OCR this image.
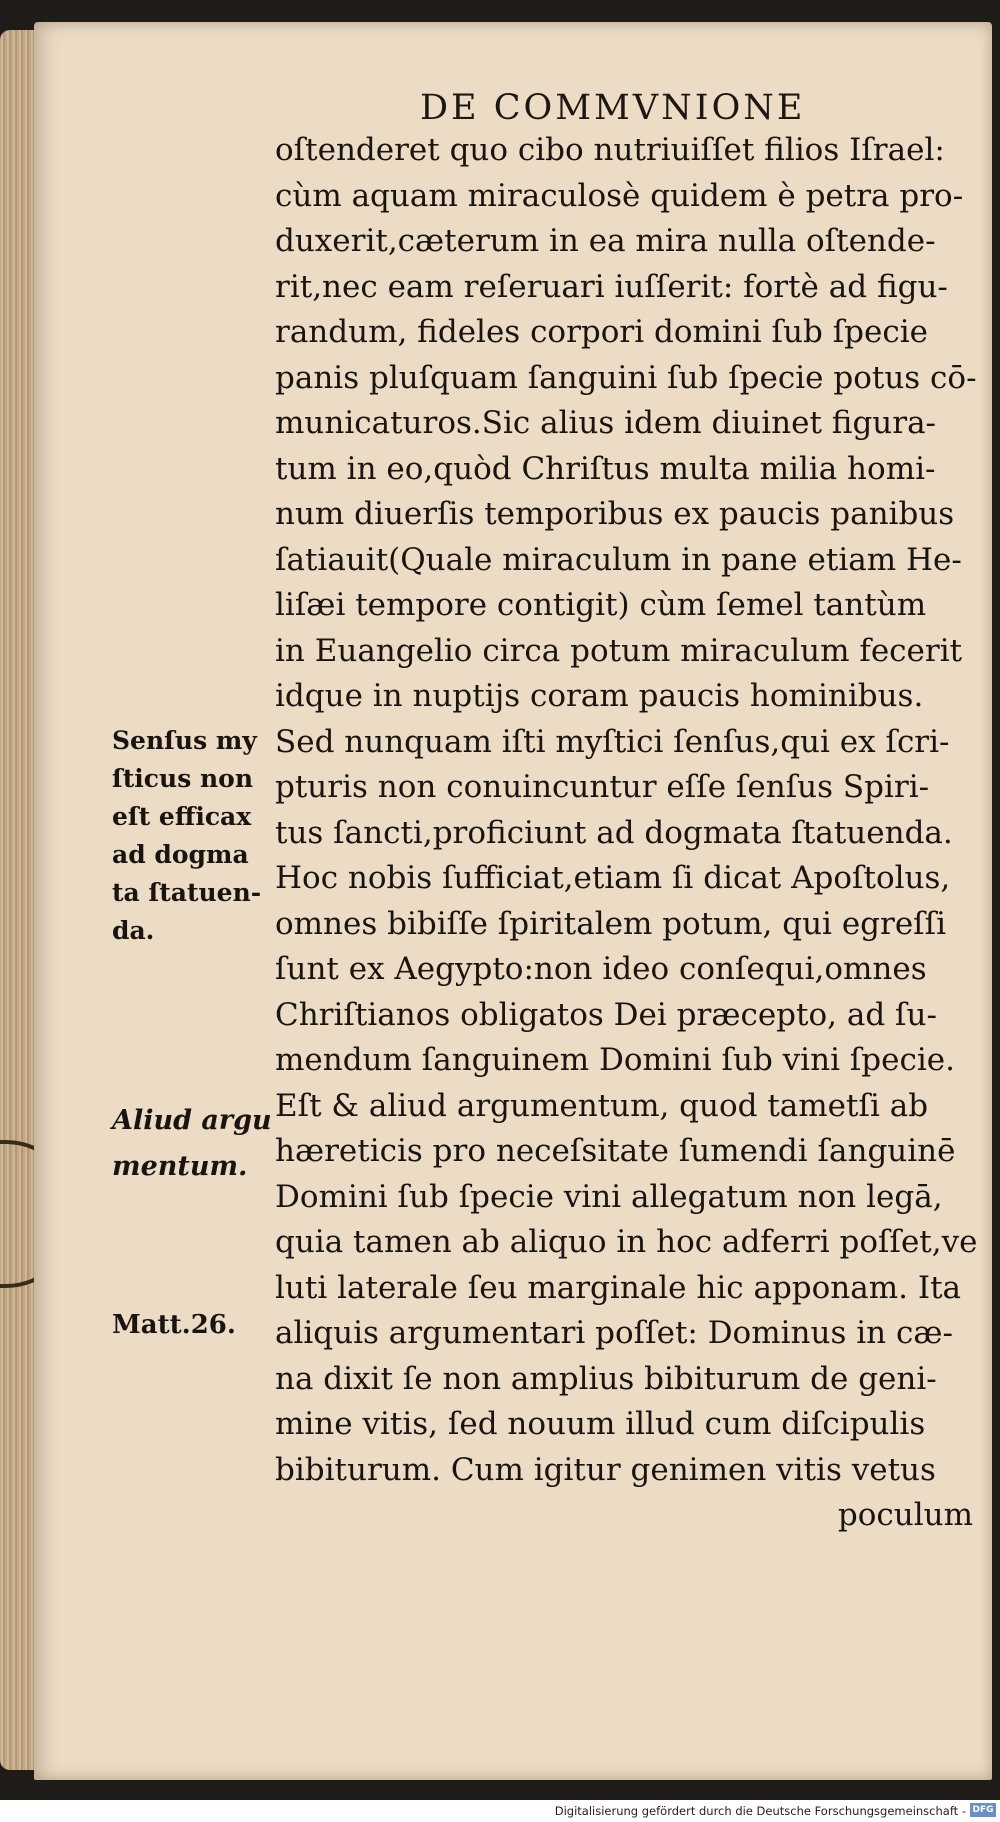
DE COMMVNIONE
oſtenderet quo cibo nutriuiſſet filios Iſrael:
cùm aquam miraculosè quidem è petra pro-
duxerit,cæterum in ea mira nulla oſtende-
rit,nec eam reſeruari iuſſerit: fortè ad figu-
randum, fideles corpori domini ſub ſpecie
panis pluſquam ſanguini ſub ſpecie potus cō-
municaturos.Sic alius idem diuinet figura-
tum in eo,quòd Chriſtus multa milia homi-
num diuerſis temporibus ex paucis panibus
ſatiauit(Quale miraculum in pane etiam He-
liſæi tempore contigit) cùm ſemel tantùm
in Euangelio circa potum miraculum fecerit
idque in nuptijs coram paucis hominibus.
Sed nunquam iſti myſtici ſenſus,qui ex ſcri-
pturis non conuincuntur eſſe ſenſus Spiri-
tus ſancti,proficiunt ad dogmata ſtatuenda.
Hoc nobis ſufficiat,etiam ſi dicat Apoſtolus,
omnes bibiſſe ſpiritalem potum, qui egreſſi
ſunt ex Aegypto:non ideo conſequi,omnes
Chriſtianos obligatos Dei præcepto, ad ſu-
mendum ſanguinem Domini ſub vini ſpecie.
Eſt & aliud argumentum, quod tametſi ab
hæreticis pro neceſsitate ſumendi ſanguinē
Domini ſub ſpecie vini allegatum non legā,
quia tamen ab aliquo in hoc adferri poſſet,ve
luti laterale ſeu marginale hic apponam. Ita
aliquis argumentari poſſet: Dominus in cæ-
na dixit ſe non amplius bibiturum de geni-
mine vitis, ſed nouum illud cum diſcipulis
bibiturum. Cum igitur genimen vitis vetus
poculum
Senſus my
ſticus non
eſt efficax
ad dogma
ta ſtatuen-
da.
Aliud argu
mentum.
Matt.26.
Digitalisierung gefördert durch die Deutsche Forschungsgemeinschaft - DFG
